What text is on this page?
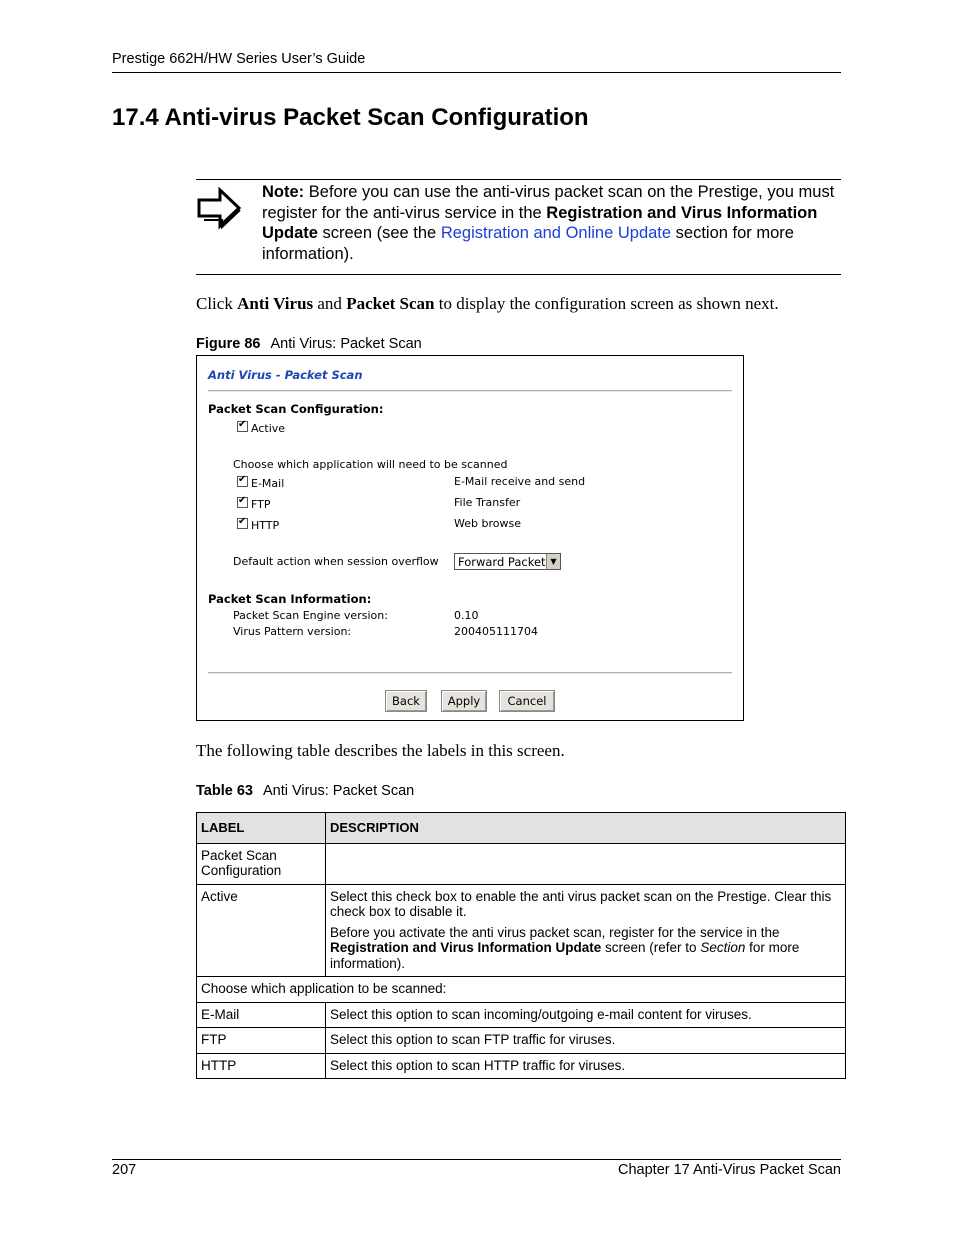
Prestige 662H/HW Series User’s Guide
17.4 Anti-virus Packet Scan Configuration
Note: Before you can use the anti-virus packet scan on the Prestige, you must register for the anti-virus service in the Registration and Virus Information Update screen (see the Registration and Online Update section for more information).
Click Anti Virus and Packet Scan to display the configuration screen as shown next.
Figure 86 Anti Virus: Packet Scan
Anti Virus - Packet Scan
Packet Scan Configuration:
✔ Active
Choose which application will need to be scanned
✔ E-Mail	E-Mail receive and send
✔ FTP	File Transfer
✔ HTTP	Web browse
Default action when session overflow Forward Packet ▼
Packet Scan Information:
Packet Scan Engine version:	0.10
Virus Pattern version:	200405111704
Back	Apply	Cancel
The following table describes the labels in this screen.
Table 63 Anti Virus: Packet Scan
LABEL	DESCRIPTION
Packet Scan Configuration	
Active	Select this check box to enable the anti virus packet scan on the Prestige. Clear this check box to disable it.

Before you activate the anti virus packet scan, register for the service in the Registration and Virus Information Update screen (refer to Section for more information).

Choose which application to be scanned:	
E-Mail	Select this option to scan incoming/outgoing e-mail content for viruses.
FTP	Select this option to scan FTP traffic for viruses.
HTTP	Select this option to scan HTTP traffic for viruses.
207	Chapter 17 Anti-Virus Packet Scan
